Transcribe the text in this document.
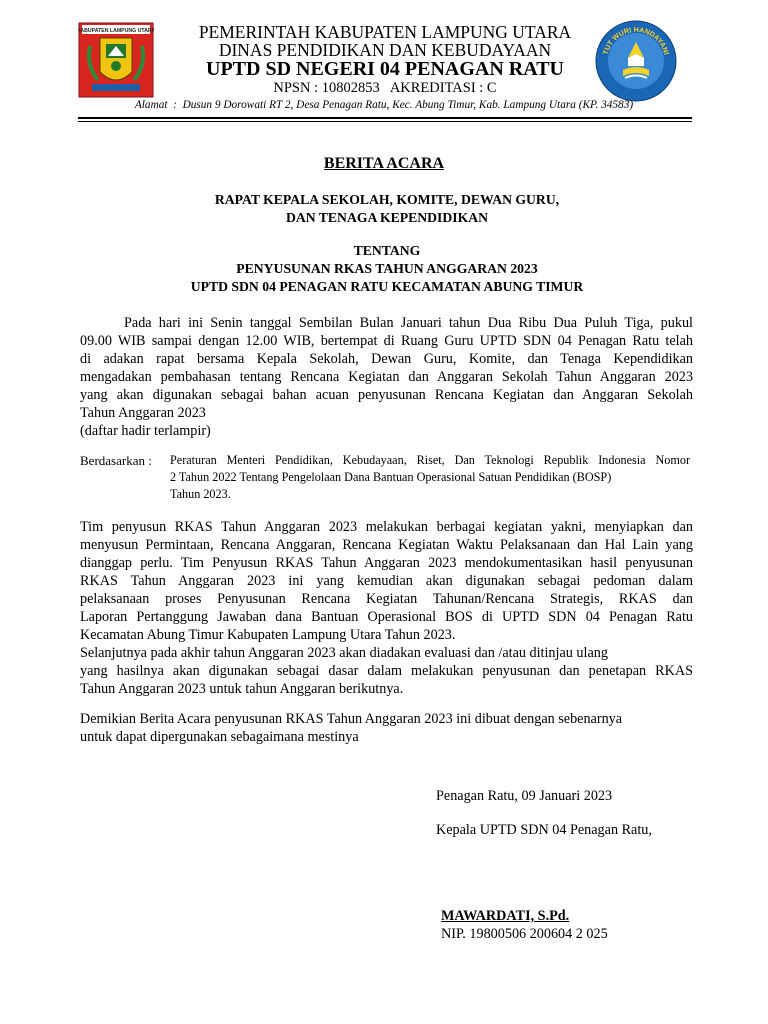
KABUPATEN LAMPUNG UTARA	PEMERINTAH KABUPATEN LAMPUNG UTARA
DINAS PENDIDIKAN DAN KEBUDAYAAN
UPTD SD NEGERI 04 PENAGAN RATU
NPSN : 10802853   AKREDITASI : C
TUT WURI HANDAYANI
Alamat  :  Dusun 9 Dorowati RT 2, Desa Penagan Ratu, Kec. Abung Timur, Kab. Lampung Utara (KP. 34583)
BERITA ACARA
RAPAT KEPALA SEKOLAH, KOMITE, DEWAN GURU,
DAN TENAGA KEPENDIDIKAN
TENTANG
PENYUSUNAN RKAS TAHUN ANGGARAN 2023
UPTD SDN 04 PENAGAN RATU KECAMATAN ABUNG TIMUR

Pada hari ini Senin tanggal Sembilan Bulan Januari tahun Dua Ribu Dua Puluh Tiga, pukul

09.00 WIB sampai dengan 12.00 WIB, bertempat di Ruang Guru UPTD SDN 04 Penagan Ratu telah

di adakan rapat bersama Kepala Sekolah, Dewan Guru, Komite, dan Tenaga Kependidikan

mengadakan pembahasan tentang Rencana Kegiatan dan Anggaran Sekolah Tahun Anggaran 2023

yang akan digunakan sebagai bahan acuan penyusunan Rencana Kegiatan dan Anggaran Sekolah

Tahun Anggaran 2023

(daftar hadir terlampir)

Berdasarkan : Peraturan Menteri Pendidikan, Kebudayaan, Riset, Dan Teknologi Republik Indonesia Nomor
2 Tahun 2022 Tentang Pengelolaan Dana Bantuan Operasional Satuan Pendidikan (BOSP)
Tahun 2023.

Tim penyusun RKAS Tahun Anggaran 2023 melakukan berbagai kegiatan yakni, menyiapkan dan

menyusun Permintaan, Rencana Anggaran, Rencana Kegiatan Waktu Pelaksanaan dan Hal Lain yang

dianggap perlu. Tim Penyusun RKAS Tahun Anggaran 2023 mendokumentasikan hasil penyusunan

RKAS Tahun Anggaran 2023 ini yang kemudian akan digunakan sebagai pedoman dalam

pelaksanaan proses Penyusunan Rencana Kegiatan Tahunan/Rencana Strategis, RKAS dan

Laporan Pertanggung Jawaban dana Bantuan Operasional BOS di UPTD SDN 04 Penagan Ratu

Kecamatan Abung Timur Kabupaten Lampung Utara Tahun 2023.

Selanjutnya pada akhir tahun Anggaran 2023 akan diadakan evaluasi dan /atau ditinjau ulang

yang hasilnya akan digunakan sebagai dasar dalam melakukan penyusunan dan penetapan RKAS

Tahun Anggaran 2023 untuk tahun Anggaran berikutnya.

Demikian Berita Acara penyusunan RKAS Tahun Anggaran 2023 ini dibuat dengan sebenarnya

untuk dapat dipergunakan sebagaimana mestinya

Penagan Ratu, 09 Januari 2023
Kepala UPTD SDN 04 Penagan Ratu,
MAWARDATI, S.Pd.
NIP. 19800506 200604 2 025
